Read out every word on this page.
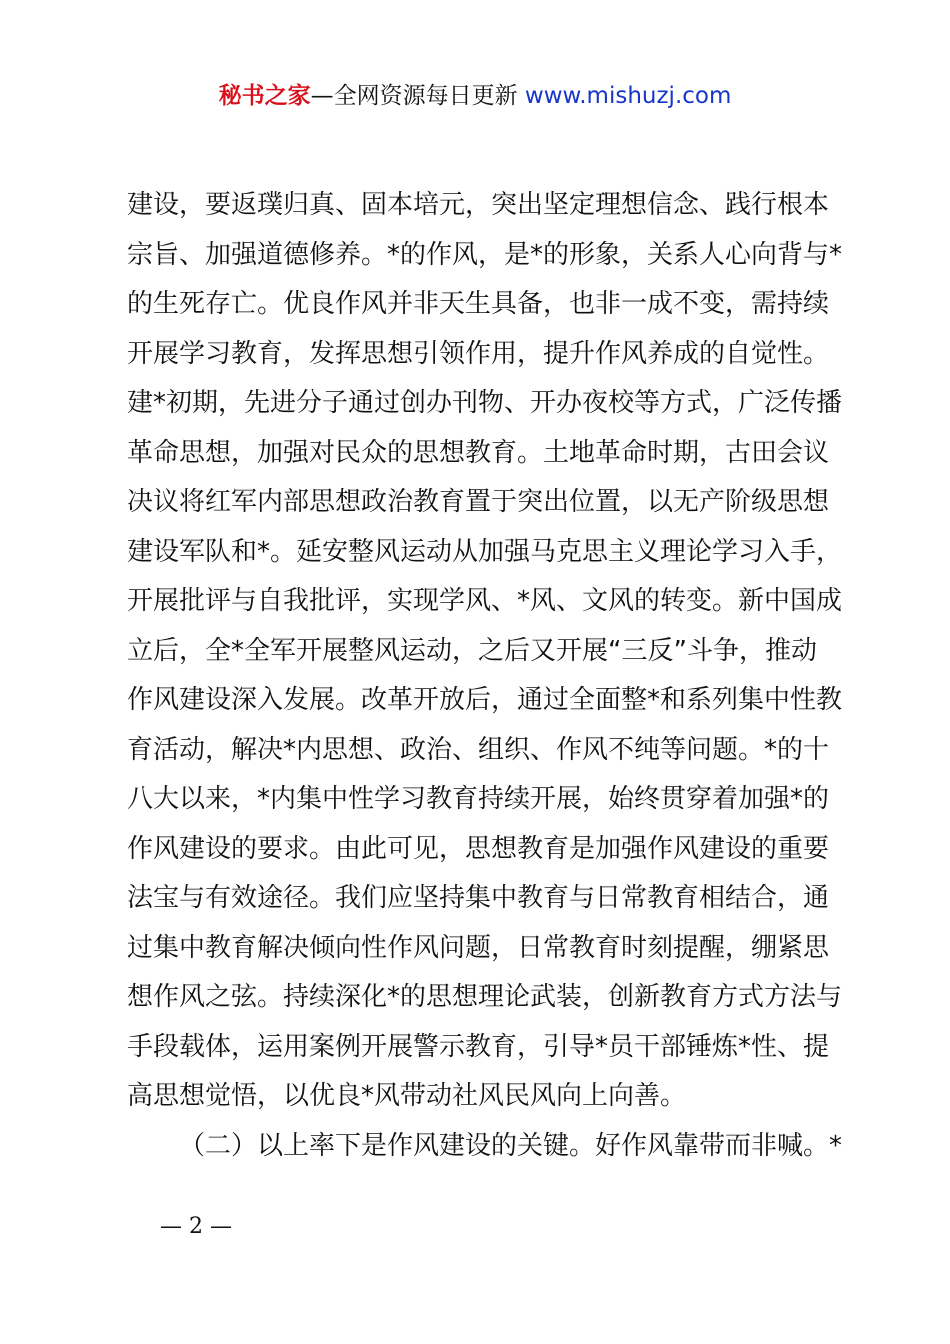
秘书之家—全网资源每日更新 www.mishuzj.com
建设，要返璞归真、固本培元，突出坚定理想信念、践行根本
宗旨、加强道德修养。*的作风，是*的形象，关系人心向背与*
的生死存亡。优良作风并非天生具备，也非一成不变，需持续
开展学习教育，发挥思想引领作用，提升作风养成的自觉性。
建*初期，先进分子通过创办刊物、开办夜校等方式，广泛传播
革命思想，加强对民众的思想教育。土地革命时期，古田会议
决议将红军内部思想政治教育置于突出位置，以无产阶级思想
建设军队和*。延安整风运动从加强马克思主义理论学习入手，
开展批评与自我批评，实现学风、*风、文风的转变。新中国成
立后，全*全军开展整风运动，之后又开展“三反”斗争，推动
作风建设深入发展。改革开放后，通过全面整*和系列集中性教
育活动，解决*内思想、政治、组织、作风不纯等问题。*的十
八大以来，*内集中性学习教育持续开展，始终贯穿着加强*的
作风建设的要求。由此可见，思想教育是加强作风建设的重要
法宝与有效途径。我们应坚持集中教育与日常教育相结合，通
过集中教育解决倾向性作风问题，日常教育时刻提醒，绷紧思
想作风之弦。持续深化*的思想理论武装，创新教育方式方法与
手段载体，运用案例开展警示教育，引导*员干部锤炼*性、提
高思想觉悟，以优良*风带动社风民风向上向善。
（二）以上率下是作风建设的关键。好作风靠带而非喊。*
— 2 —
